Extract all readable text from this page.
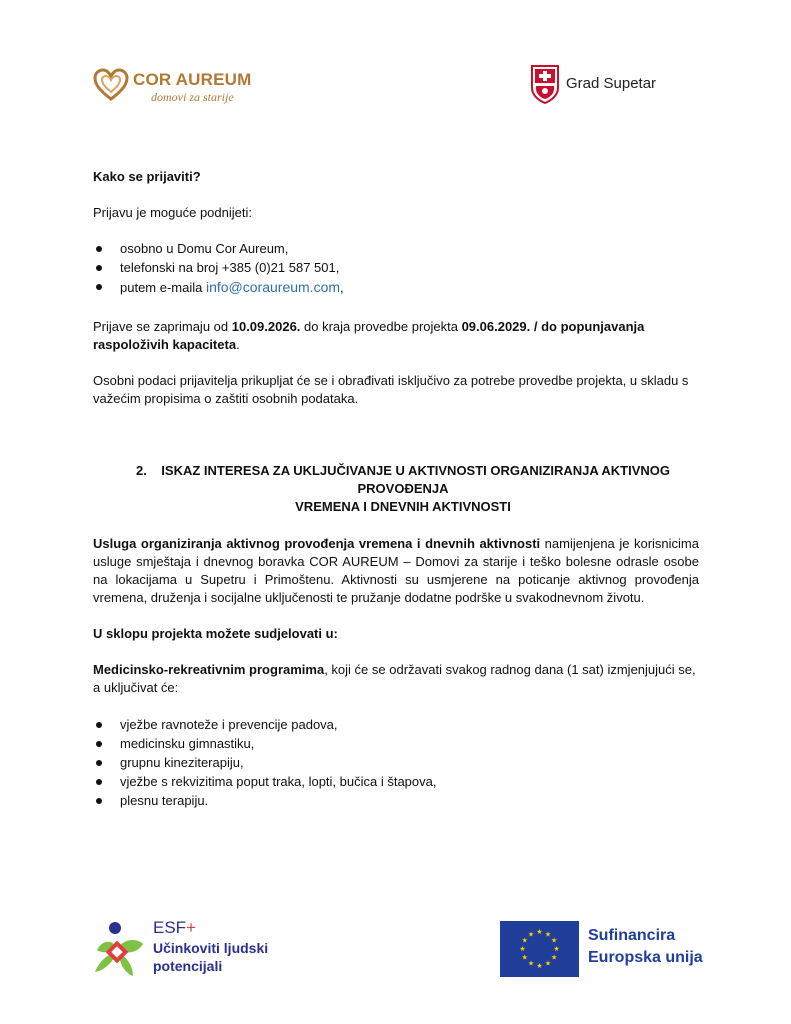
COR AUREUM
domovi za starije
Grad Supetar

Kako se prijaviti?

Prijavu je moguće podnijeti:

osobno u Domu Cor Aureum,
telefonski na broj +385 (0)21 587 501,
putem e-maila info@coraureum.com,

Prijave se zaprimaju od 10.09.2026. do kraja provedbe projekta 09.06.2029. / do popunjavanja raspoloživih kapaciteta.

Osobni podaci prijavitelja prikupljat će se i obrađivati isključivo za potrebe provedbe projekta, u skladu s važećim propisima o zaštiti osobnih podataka.

2. ISKAZ INTERESA ZA UKLJUČIVANJE U AKTIVNOSTI ORGANIZIRANJA AKTIVNOG PROVOĐENJA
VREMENA I DNEVNIH AKTIVNOSTI

Usluga organiziranja aktivnog provođenja vremena i dnevnih aktivnosti namijenjena je korisnicima usluge smještaja i dnevnog boravka COR AUREUM – Domovi za starije i teško bolesne odrasle osobe na lokacijama u Supetru i Primoštenu. Aktivnosti su usmjerene na poticanje aktivnog provođenja vremena, druženja i socijalne uključenosti te pružanje dodatne podrške u svakodnevnom životu.

U sklopu projekta možete sudjelovati u:

Medicinsko-rekreativnim programima, koji će se održavati svakog radnog dana (1 sat) izmjenjujući se, a uključivat će:

vježbe ravnoteže i prevencije padova,
medicinsku gimnastiku,
grupnu kineziterapiju,
vježbe s rekvizitima poput traka, lopti, bučica i štapova,
plesnu terapiju.
ESF+
Učinkoviti ljudski
potencijali
★ ★
★
★
★
★
★
★
★
★
★
★	Sufinancira
Europska unija
